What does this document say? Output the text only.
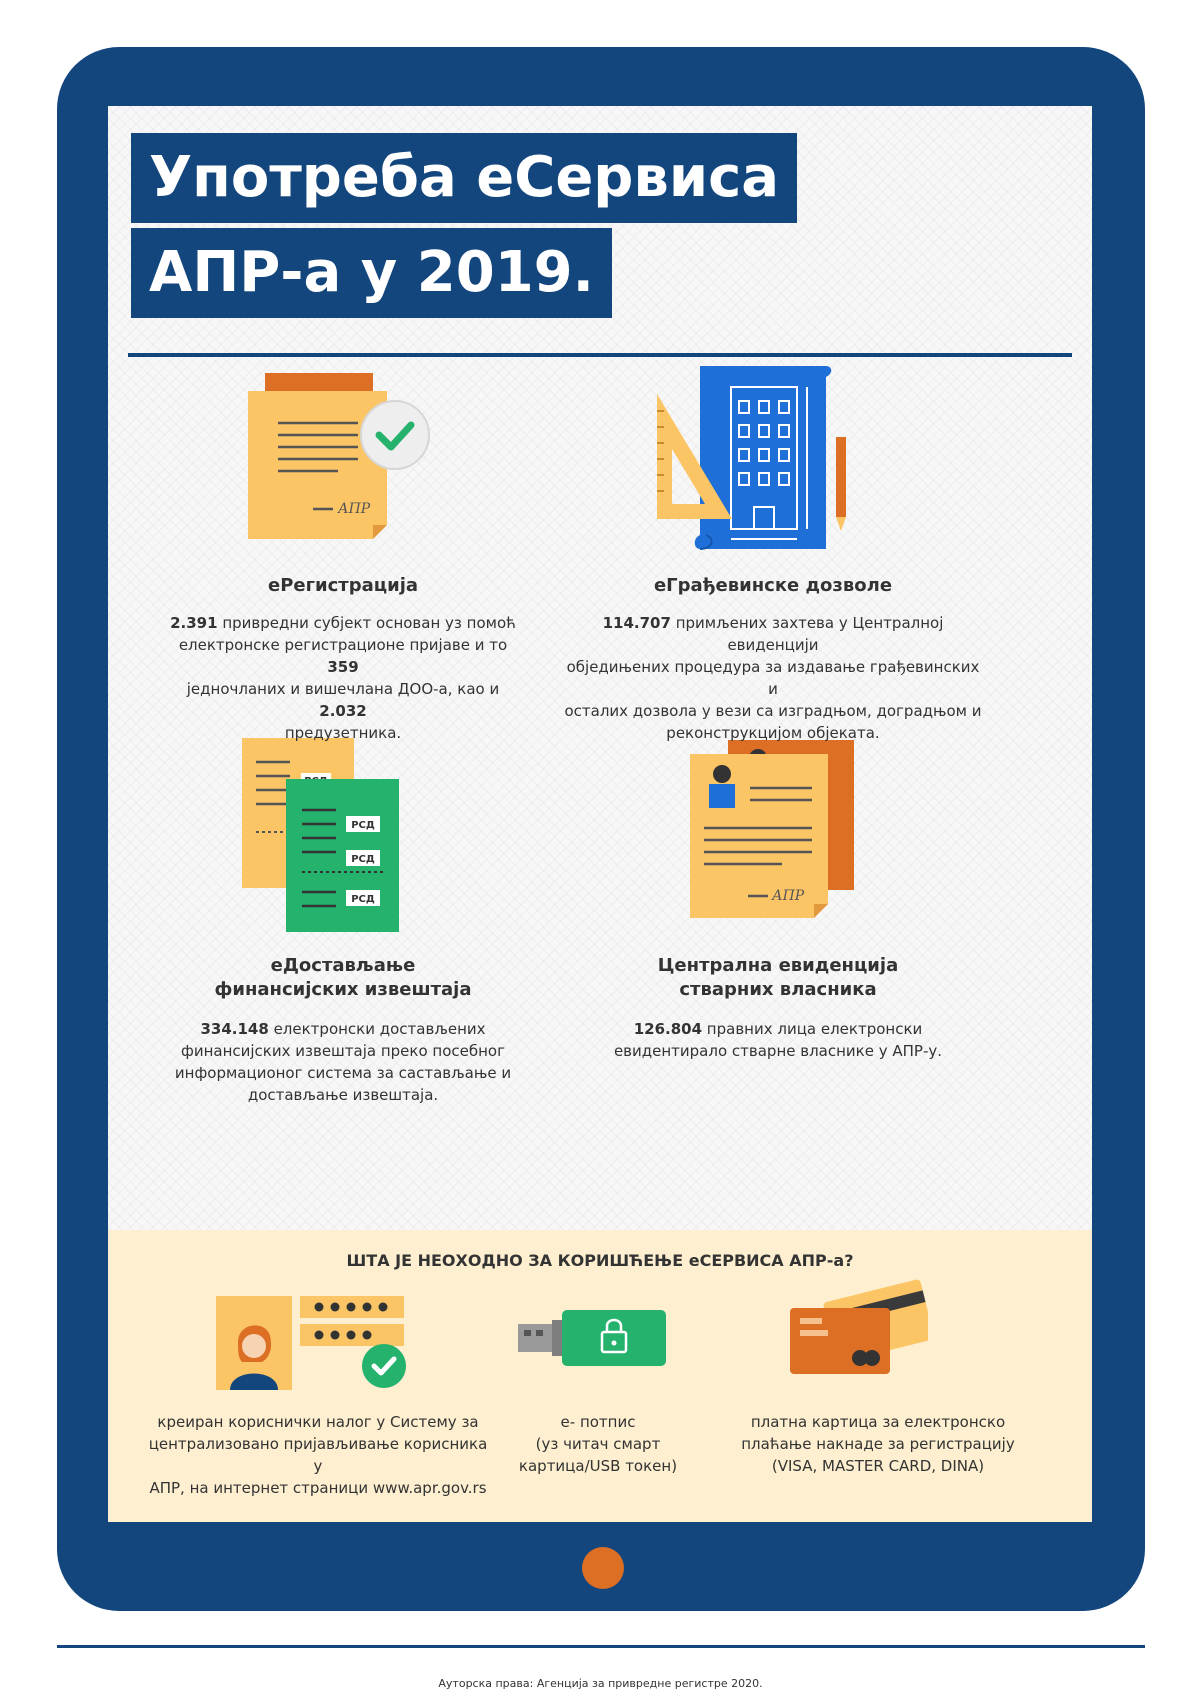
Употреба еСервиса
АПР-а у 2019.
АПР
РСД
РСД
РСД	АПР
еРегистрација
2.391 привредни субјект основан уз помоћ
електронске регистрационе пријаве и то 359
једночланих и вишечлана ДОО-а, као и 2.032
предузетника.
еГрађевинске дозволе
114.707 примљених захтева у Централној евиденцији
обједињених процедура за издавање грађевинских и
осталих дозвола у вези са изградњом, доградњом и
реконструкцијом објеката.
еДостављање
финансијских извештаја
334.148 електронски достављених
финансијских извештаја преко посебног
информационог система за састављање и
достављање извештаја.
Централна евиденција
стварних власника
126.804 правних лица електронски
евидентирало стварне власнике у АПР-у.
ШТА ЈЕ НЕОХОДНО ЗА КОРИШЋЕЊЕ еСЕРВИСА АПР-а?
креиран кориснички налог у Систему за
централизовано пријављивање корисника у
АПР, на интернет страници www.apr.gov.rs
е- потпис
(уз читач смарт
картица/USB токен)
платна картица за електронско
плаћање накнаде за регистрацију
(VISA, MASTER CARD, DINA)
Ауторска права: Агенција за привредне регистре 2020.
